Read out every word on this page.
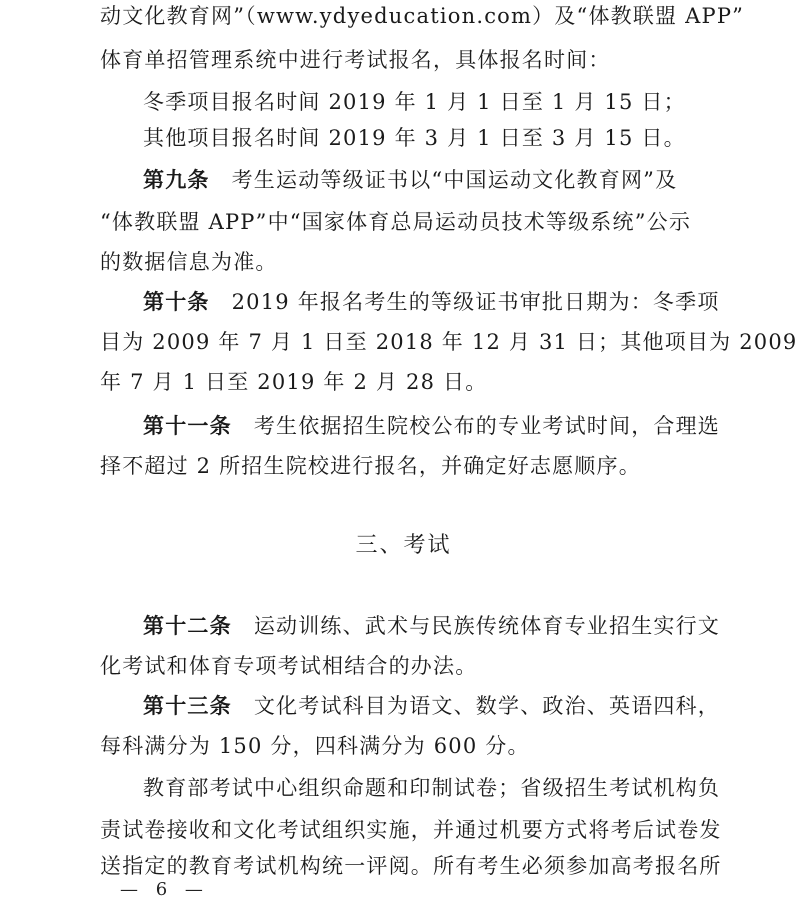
动文化教育网”（www.ydyeducation.com）及“体教联盟 APP”
体育单招管理系统中进行考试报名，具体报名时间：
冬季项目报名时间 2019 年 1 月 1 日至 1 月 15 日；
其他项目报名时间 2019 年 3 月 1 日至 3 月 15 日。
第九条 考生运动等级证书以“中国运动文化教育网”及
“体教联盟 APP”中“国家体育总局运动员技术等级系统”公示
的数据信息为准。
第十条 2019 年报名考生的等级证书审批日期为：冬季项
目为 2009 年 7 月 1 日至 2018 年 12 月 31 日；其他项目为 2009
年 7 月 1 日至 2019 年 2 月 28 日。
第十一条 考生依据招生院校公布的专业考试时间，合理选
择不超过 2 所招生院校进行报名，并确定好志愿顺序。
三、考试
第十二条 运动训练、武术与民族传统体育专业招生实行文
化考试和体育专项考试相结合的办法。
第十三条 文化考试科目为语文、数学、政治、英语四科，
每科满分为 150 分，四科满分为 600 分。
教育部考试中心组织命题和印制试卷；省级招生考试机构负
责试卷接收和文化考试组织实施，并通过机要方式将考后试卷发
送指定的教育考试机构统一评阅。所有考生必须参加高考报名所
— 6 —
